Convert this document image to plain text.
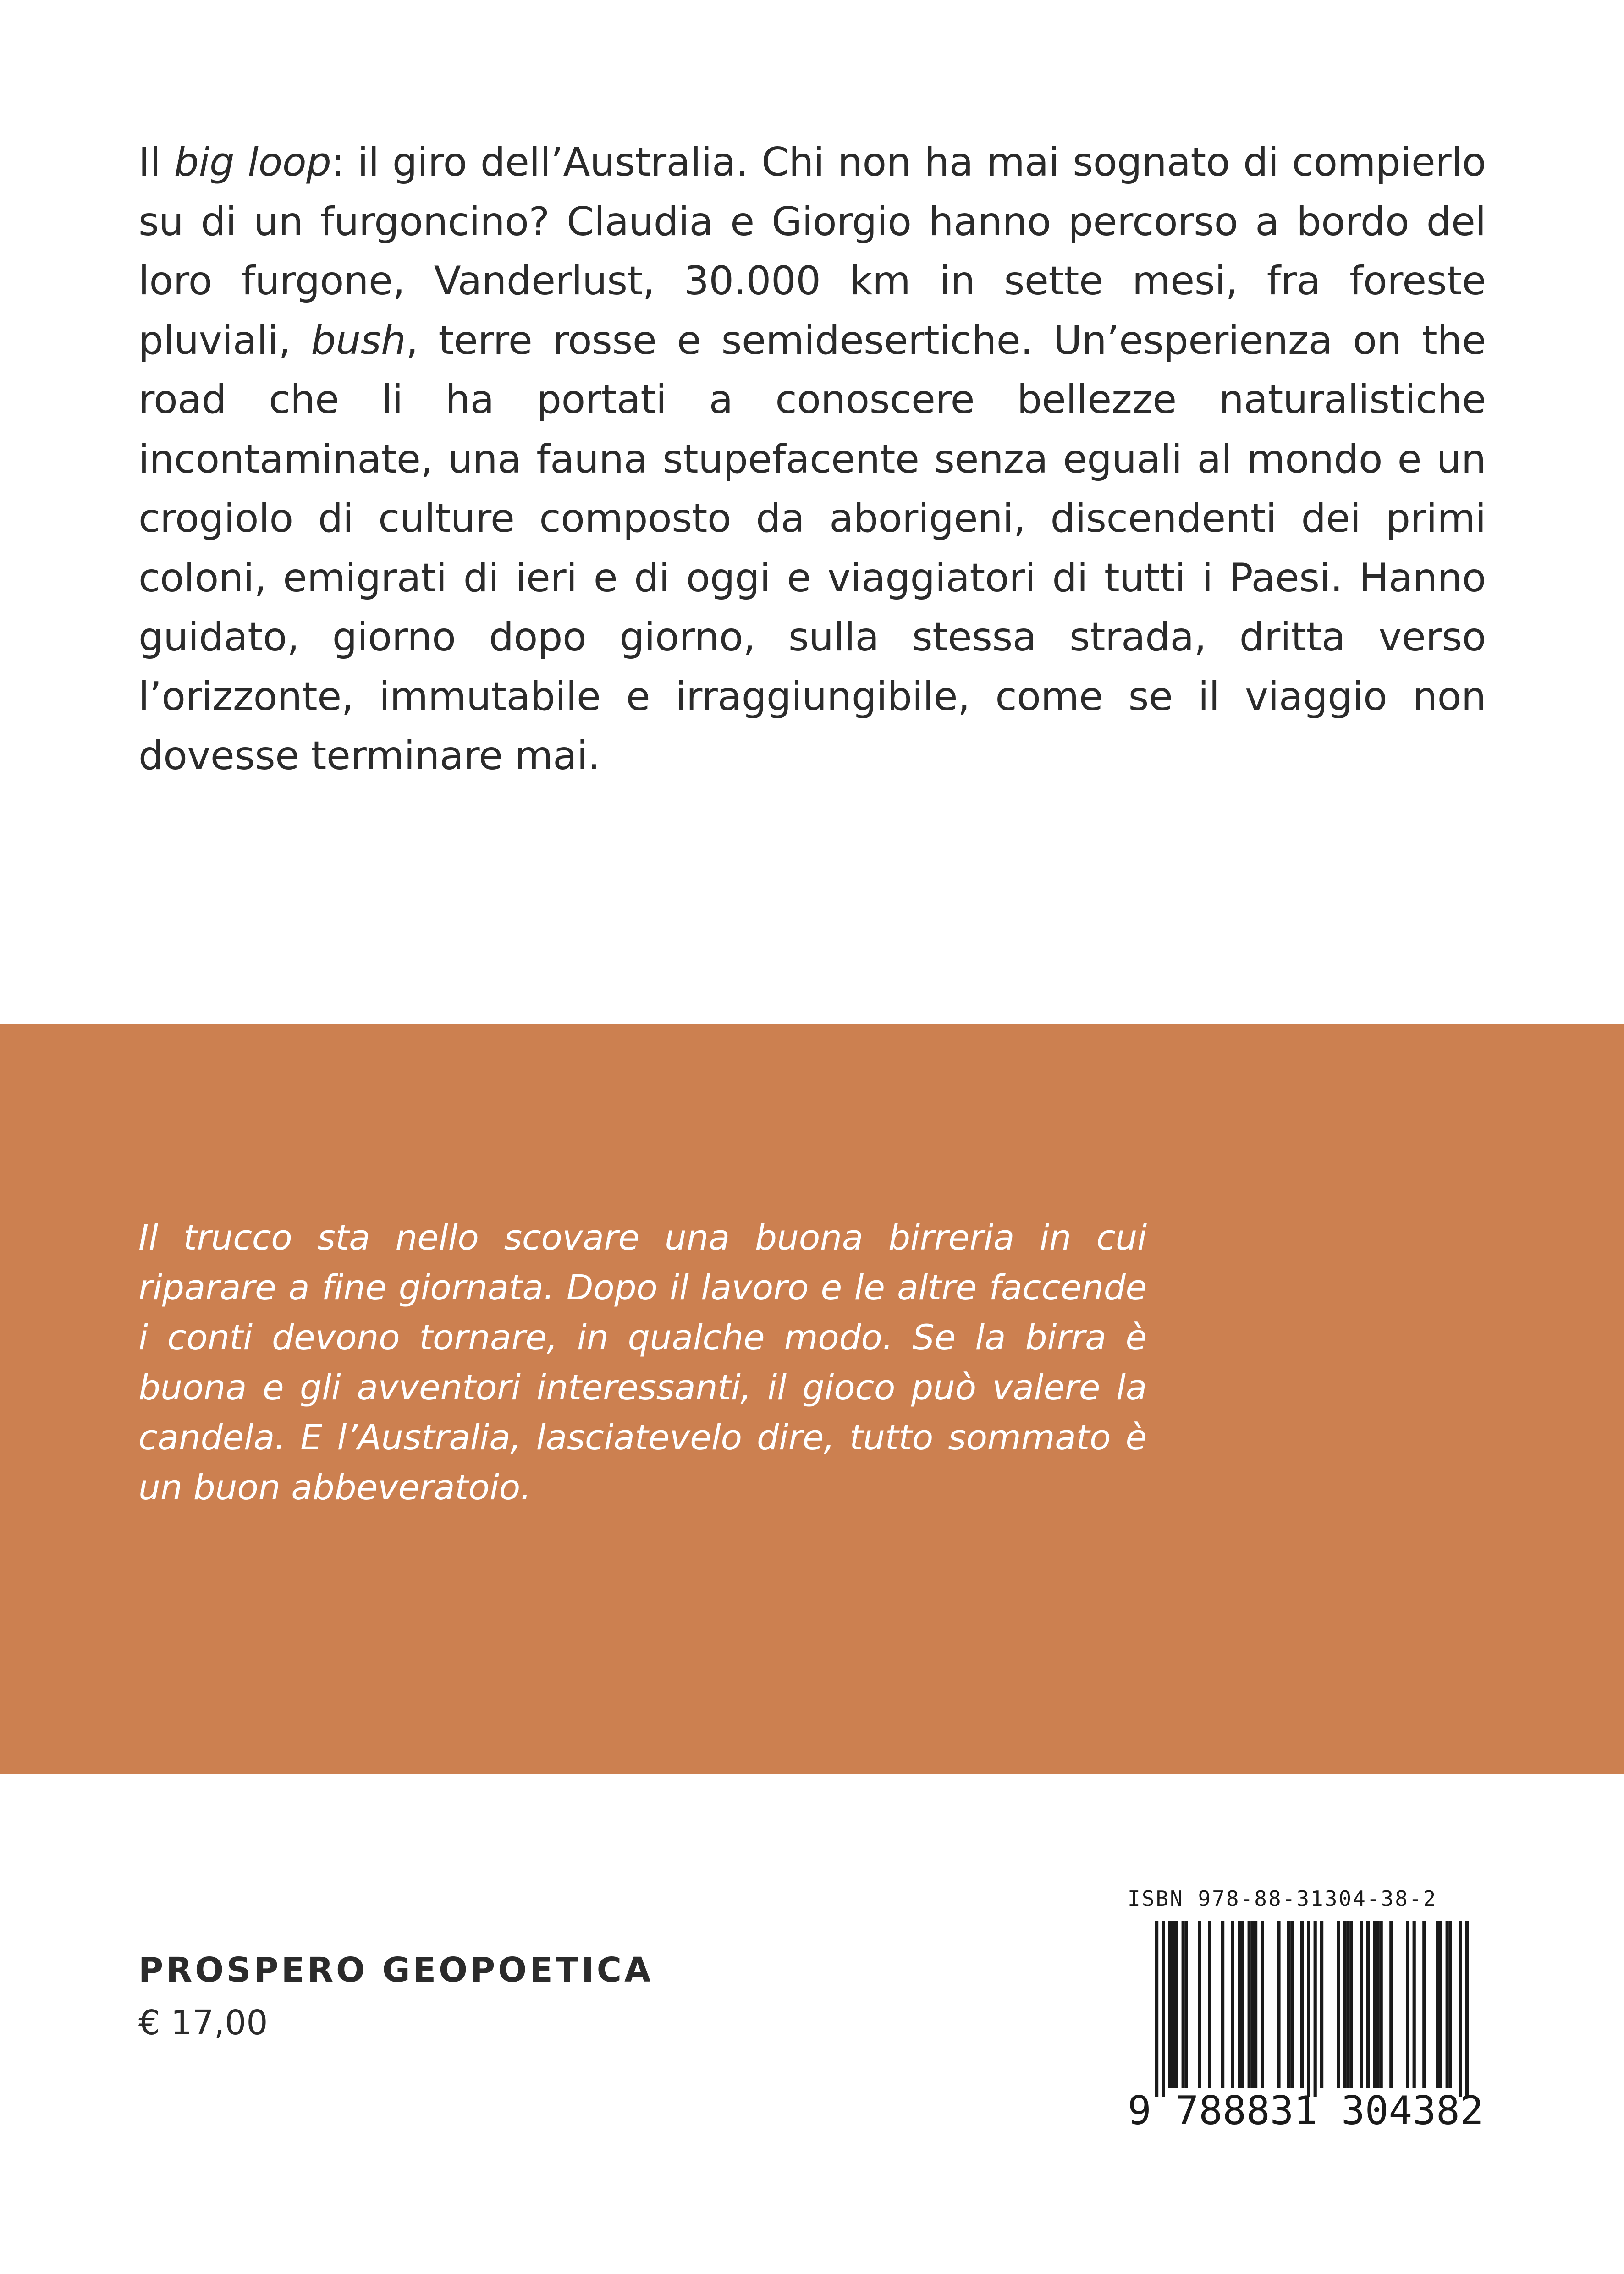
Il big loop: il giro dell’Australia. Chi non ha mai sognato di compierlo su di un furgoncino? Claudia e Giorgio hanno percorso a bordo del loro furgone, Vanderlust, 30.000 km in sette mesi, fra foreste pluviali, bush, terre rosse e semidesertiche. Un’esperienza on the road che li ha portati a conoscere bellezze naturalistiche incontaminate, una fauna stupefacente senza eguali al mondo e un crogiolo di culture composto da aborigeni, discendenti dei primi coloni, emigrati di ieri e di oggi e viaggiatori di tutti i Paesi. Hanno guidato, giorno dopo giorno, sulla stessa strada, dritta verso l’orizzonte, immutabile e irraggiungibile, come se il viaggio non dovesse terminare mai.

Il trucco sta nello scovare una buona birreria in cui riparare a fine giornata. Dopo il lavoro e le altre faccende i conti devono tornare, in qualche modo. Se la birra è buona e gli avventori interessanti, il gioco può valere la candela. E l’Australia, lasciatevelo dire, tutto sommato è un buon abbeveratoio.

PROSPERO GEOPOETICA
€ 17,00
ISBN 978-88-31304-38-2
9 788831 304382
